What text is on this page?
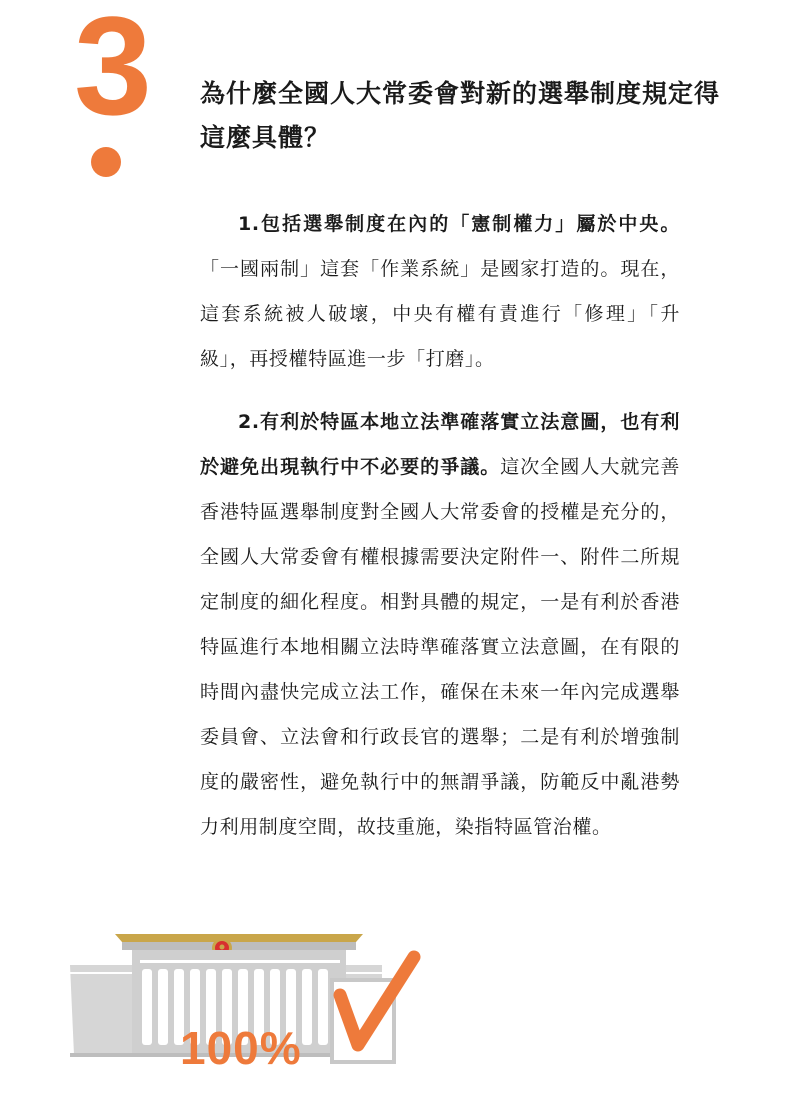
3 為什麼全國人大常委會對新的選舉制度規定得這麼具體？

1.包括選舉制度在內的「憲制權力」屬於中央。「一國兩制」這套「作業系統」是國家打造的。現在，這套系統被人破壞，中央有權有責進行「修理」「升級」，再授權特區進一步「打磨」。

2.有利於特區本地立法準確落實立法意圖，也有利於避免出現執行中不必要的爭議。這次全國人大就完善香港特區選舉制度對全國人大常委會的授權是充分的，全國人大常委會有權根據需要決定附件一、附件二所規定制度的細化程度。相對具體的規定，一是有利於香港特區進行本地相關立法時準確落實立法意圖，在有限的時間內盡快完成立法工作，確保在未來一年內完成選舉委員會、立法會和行政長官的選舉；二是有利於增強制度的嚴密性，避免執行中的無謂爭議，防範反中亂港勢力利用制度空間，故技重施，染指特區管治權。

100%
